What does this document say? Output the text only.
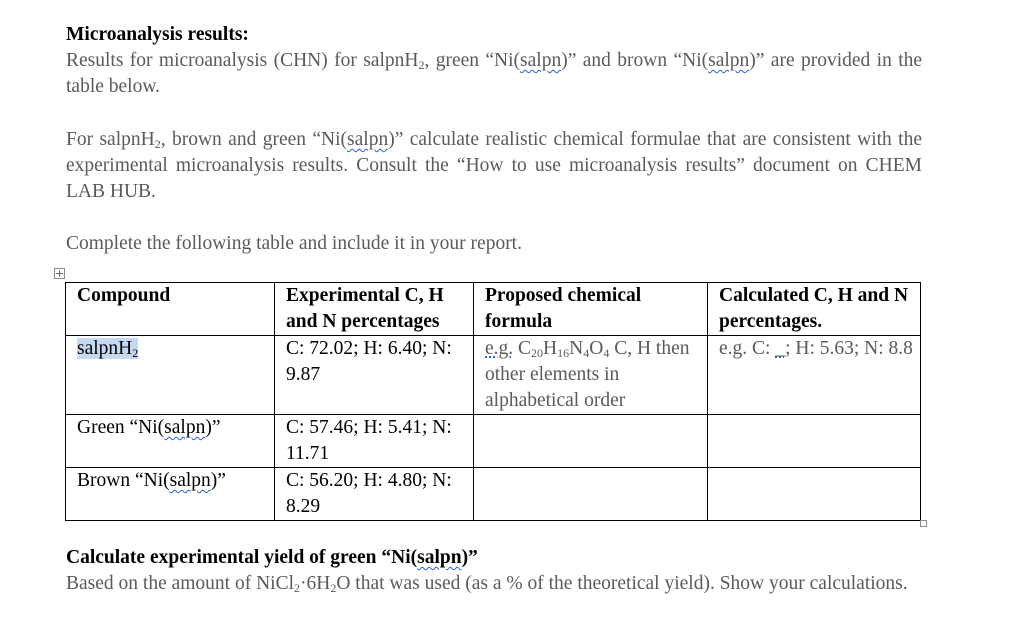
Microanalysis results:
Results for microanalysis (CHN) for salpnH$_2$, green “Ni(salpn)” and brown “Ni(salpn)” are provided in the table below.
For salpnH$_2$, brown and green “Ni(salpn)” calculate realistic chemical formulae that are consistent with the experimental microanalysis results. Consult the “How to use microanalysis results” document on CHEM LAB HUB.
Complete the following table and include it in your report.
+
Compound	Experimental C, H and N percentages	Proposed chemical formula	Calculated C, H and N percentages.
salpnH$_2$	C: 72.02; H: 6.40; N: 9.87	e.g. $C_{20}H_{16}N_4O_4$ C, H then other elements in alphabetical order	e.g. C: _; H: 5.63; N: 8.8
Green “Ni(salpn)”	C: 57.46; H: 5.41; N: 11.71		
Brown “Ni(salpn)”	C: 56.20; H: 4.80; N: 8.29		
Calculate experimental yield of green “Ni(salpn)”
Based on the amount of $NiCl_2\cdot 6H_2O$ that was used (as a % of the theoretical yield). Show your calculations.
